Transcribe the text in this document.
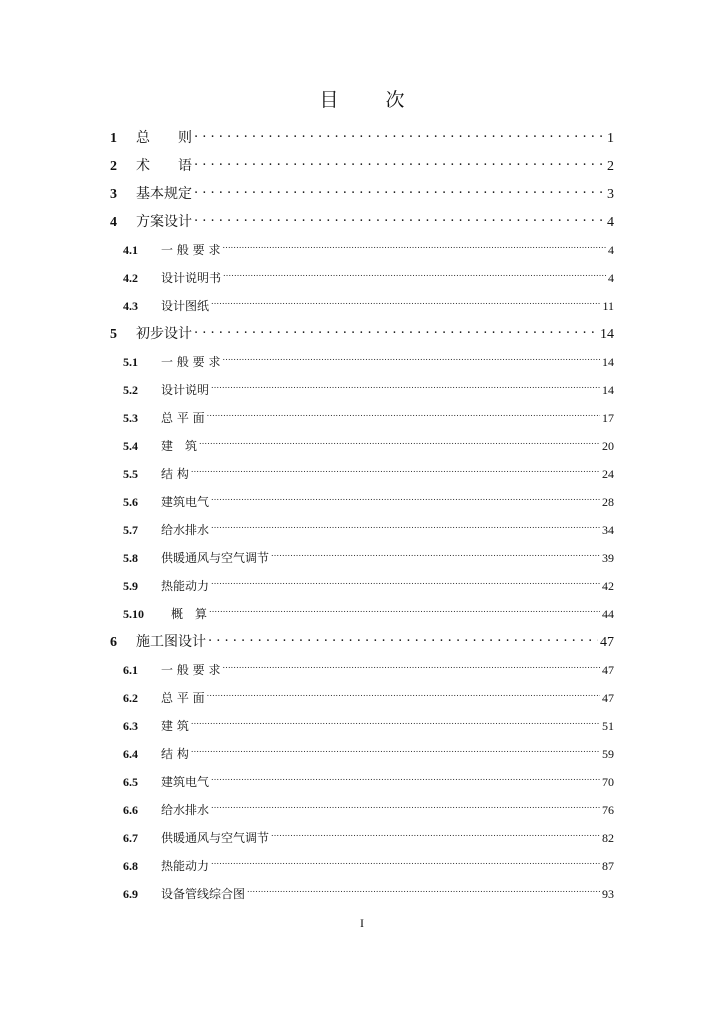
目　次
1	总　　则 . . .	1
2	术　　语 . . .	2
3	基本规定 . . .	3
4	方案设计 . . .	4
4.1	一 般 要 求 .....	4
4.2	设计说明书 .....	4
4.3	设计图纸 .....	11
5	初步设计 . . .	14
5.1	一 般 要 求 .....	14
5.2	设计说明 .....	14
5.3	总 平 面 .....	17
5.4	建　筑 .....	20
5.5	结 构 .....	24
5.6	建筑电气 .....	28
5.7	给水排水 .....	34
5.8	供暖通风与空气调节 .....	39
5.9	热能动力 .....	42
5.10	概　算 .....	44
6	施工图设计 . . .	47
6.1	一 般 要 求 .....	47
6.2	总 平 面 .....	47
6.3	建 筑 .....	51
6.4	结 构 .....	59
6.5	建筑电气 .....	70
6.6	给水排水 .....	76
6.7	供暖通风与空气调节 .....	82
6.8	热能动力 .....	87
6.9	设备管线综合图 .....	93
I
